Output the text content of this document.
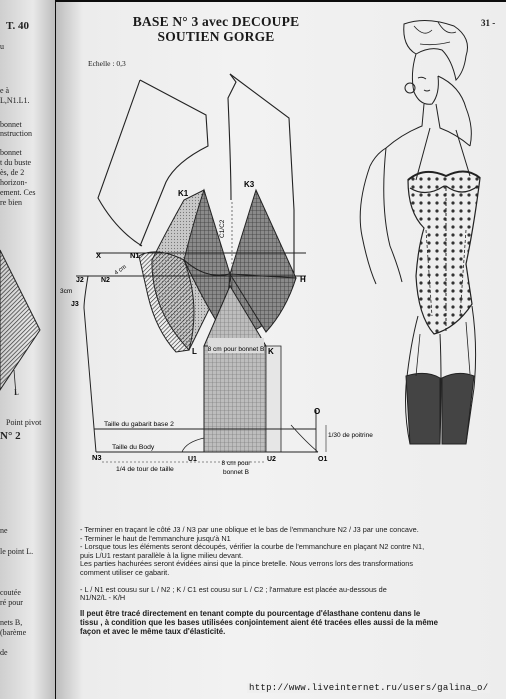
T. 40
u
e à
L,N1.L1.
bonnet
nstruction
bonnet
t du buste
ès, de 2
horizon-
ement. Ces
re bien
L
Point pivot
N° 2
ne
le point L.
coutée
ré pour
nets B,
(barème
de
BASE N° 3 avec DECOUPE
SOUTIEN GORGE
31 -
Echelle : 0,3
K1
K3
C1/C2
X	N1
J2 N2
3cm
J3
4 cm
H
L	K
8 cm pour bonnet B
O
Taille du gabarit base 2
Taille du Body
1/30 de poitrine
N3	U1	U2	O1
1/4 de tour de taille
8 cm pour
bonnet B

- Terminer en traçant le côté J3 / N3 par une oblique et le bas de l'emmanchure N2 / J3 par une concave.

- Terminer le haut de l'emmanchure jusqu'à N1

- Lorsque tous les éléments seront découpés, vérifier la courbe de l'emmanchure en plaçant N2 contre N1,

puis L/U1 restant parallèle à la ligne milieu devant.

Les parties hachurées seront évidées ainsi que la pince bretelle. Nous verrons lors des transformations

comment utiliser ce gabarit.

- L / N1 est cousu sur L / N2 ; K / C1 est cousu sur L / C2 ; l'armature est placée au-dessous de

N1/N2/L - K/H

Il peut être tracé directement en tenant compte du pourcentage d'élasthane contenu dans le

tissu , à condition que les bases utilisées conjointement aient été tracées elles aussi de la même

façon et avec le même taux d'élasticité.

http://www.liveinternet.ru/users/galina_o/
